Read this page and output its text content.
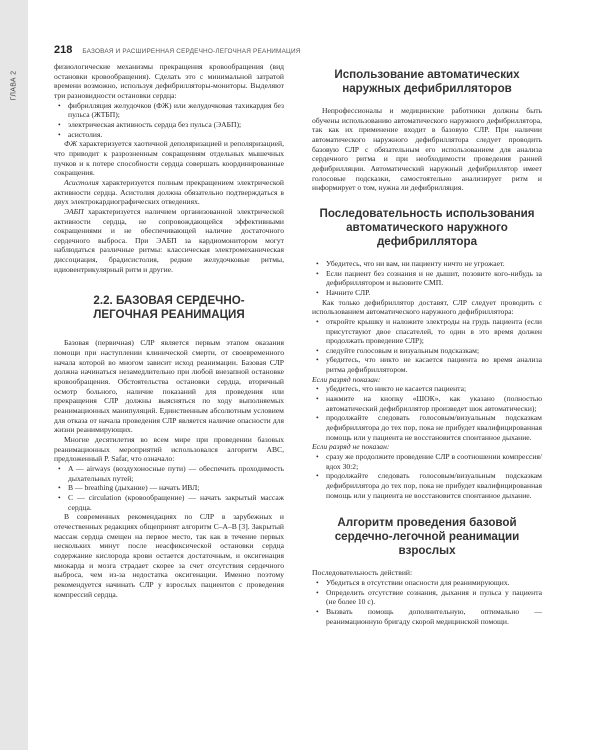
ГЛАВА 2
218 БАЗОВАЯ И РАСШИРЕННАЯ СЕРДЕЧНО-ЛЕГОЧНАЯ РЕАНИМАЦИЯ

физиологические механизмы прекращения кровообращения (вид остановки кровообращения). Сделать это с минимальной затратой времени возможно, используя дефибрилляторы-мониторы. Выделяют три разновидности остановки сердца:

• фибрилляция желудочков (ФЖ) или желудочковая тахикардия без пульса (ЖТБП);
• электрическая активность сердца без пульса (ЭАБП);
• асистолия.

ФЖ характеризуется хаотичной деполяризацией и реполяризацией, что приводит к разрозненным сокращениям отдельных мышечных пучков и к потере способности сердца совершать координированные сокращения.

Асистолия характеризуется полным прекращением электрической активности сердца. Асистолия должна обязательно подтверждаться в двух электрокардиографических отведениях.

ЭАБП характеризуется наличием организованной электрической активности сердца, не сопровождающейся эффективными сокращениями и не обеспечивающей наличие достаточного сердечного выброса. При ЭАБП за кардиомонитором могут наблюдаться различные ритмы: классическая электромеханическая диссоциация, брадисистолия, редкие желудочковые ритмы, идиовентрикулярный ритм и другие.

2.2. БАЗОВАЯ СЕРДЕЧНО-ЛЕГОЧНАЯ РЕАНИМАЦИЯ

Базовая (первичная) СЛР является первым этапом оказания помощи при наступлении клинической смерти, от своевременного начала которой во многом зависит исход реанимации. Базовая СЛР должна начинаться незамедлительно при любой внезапной остановке кровообращения. Обстоятельства остановки сердца, вторичный осмотр больного, наличие показаний для проведения или прекращения СЛР должны выясняться по ходу выполняемых реанимационных манипуляций. Единственным абсолютным условием для отказа от начала проведения СЛР является наличие опасности для жизни реанимирующих.

Многие десятилетия во всем мире при проведении базовых реанимационных мероприятий использовался алгоритм ABC, предложенный P. Safar, что означало:

• A — airways (воздухоносные пути) — обеспечить проходимость дыхательных путей;
• B — breathing (дыхание) — начать ИВЛ;
• C — circulation (кровообращение) — начать закрытый массаж сердца.

В современных рекомендациях по СЛР в зарубежных и отечественных редакциях общепринят алгоритм C–A–B [3]. Закрытый массаж сердца смещен на первое место, так как в течение первых нескольких минут после неасфиксической остановки сердца содержание кислорода крови остается достаточным, и оксигенация миокарда и мозга страдает скорее за счет отсутствия сердечного выброса, чем из-за недостатка оксигенации. Именно поэтому рекомендуется начинать СЛР у взрослых пациентов с проведения компрессий сердца.

Использование автоматических наружных дефибрилляторов

Непрофессионалы и медицинские работники должны быть обучены использованию автоматического наружного дефибриллятора, так как их применение входит в базовую СЛР. При наличии автоматического наружного дефибриллятора следует проводить базовую СЛР с обязательным его использованием для анализа сердечного ритма и при необходимости проведения ранней дефибрилляции. Автоматический наружный дефибриллятор имеет голосовые подсказки, самостоятельно анализирует ритм и информирует о том, нужна ли дефибрилляция.

Последовательность использования автоматического наружного дефибриллятора
• Убедитесь, что ни вам, ни пациенту ничто не угрожает.
• Если пациент без сознания и не дышит, позовите кого-нибудь за дефибриллятором и вызовите СМП.
• Начните СЛР.

Как только дефибриллятор доставят, СЛР следует проводить с использованием автоматического наружного дефибриллятора:

• откройте крышку и наложите электроды на грудь пациента (если присутствуют двое спасателей, то один в это время должен продолжать проведение СЛР);
• следуйте голосовым и визуальным подсказкам;
• убедитесь, что никто не касается пациента во время анализа ритма дефибриллятором.

Если разряд показан:

• убедитесь, что никто не касается пациента;
• нажмите на кнопку «ШОК», как указано (полностью автоматический дефибриллятор произведет шок автоматически);
• продолжайте следовать голосовым/визуальным подсказкам дефибриллятора до тех пор, пока не прибудет квалифицированная помощь или у пациента не восстановится спонтанное дыхание.

Если разряд не показан:

• сразу же продолжите проведение СЛР в соотношении компрессия/вдох 30:2;
• продолжайте следовать голосовым/визуальным подсказкам дефибриллятора до тех пор, пока не прибудет квалифицированная помощь или у пациента не восстановится спонтанное дыхание.
Алгоритм проведения базовой сердечно-легочной реанимации взрослых

Последовательность действий:

• Убедиться в отсутствии опасности для реанимирующих.
• Определить отсутствие сознания, дыхания и пульса у пациента (не более 10 с).
• Вызвать помощь дополнительную, оптимально — реанимационную бригаду скорой медицинской помощи.
